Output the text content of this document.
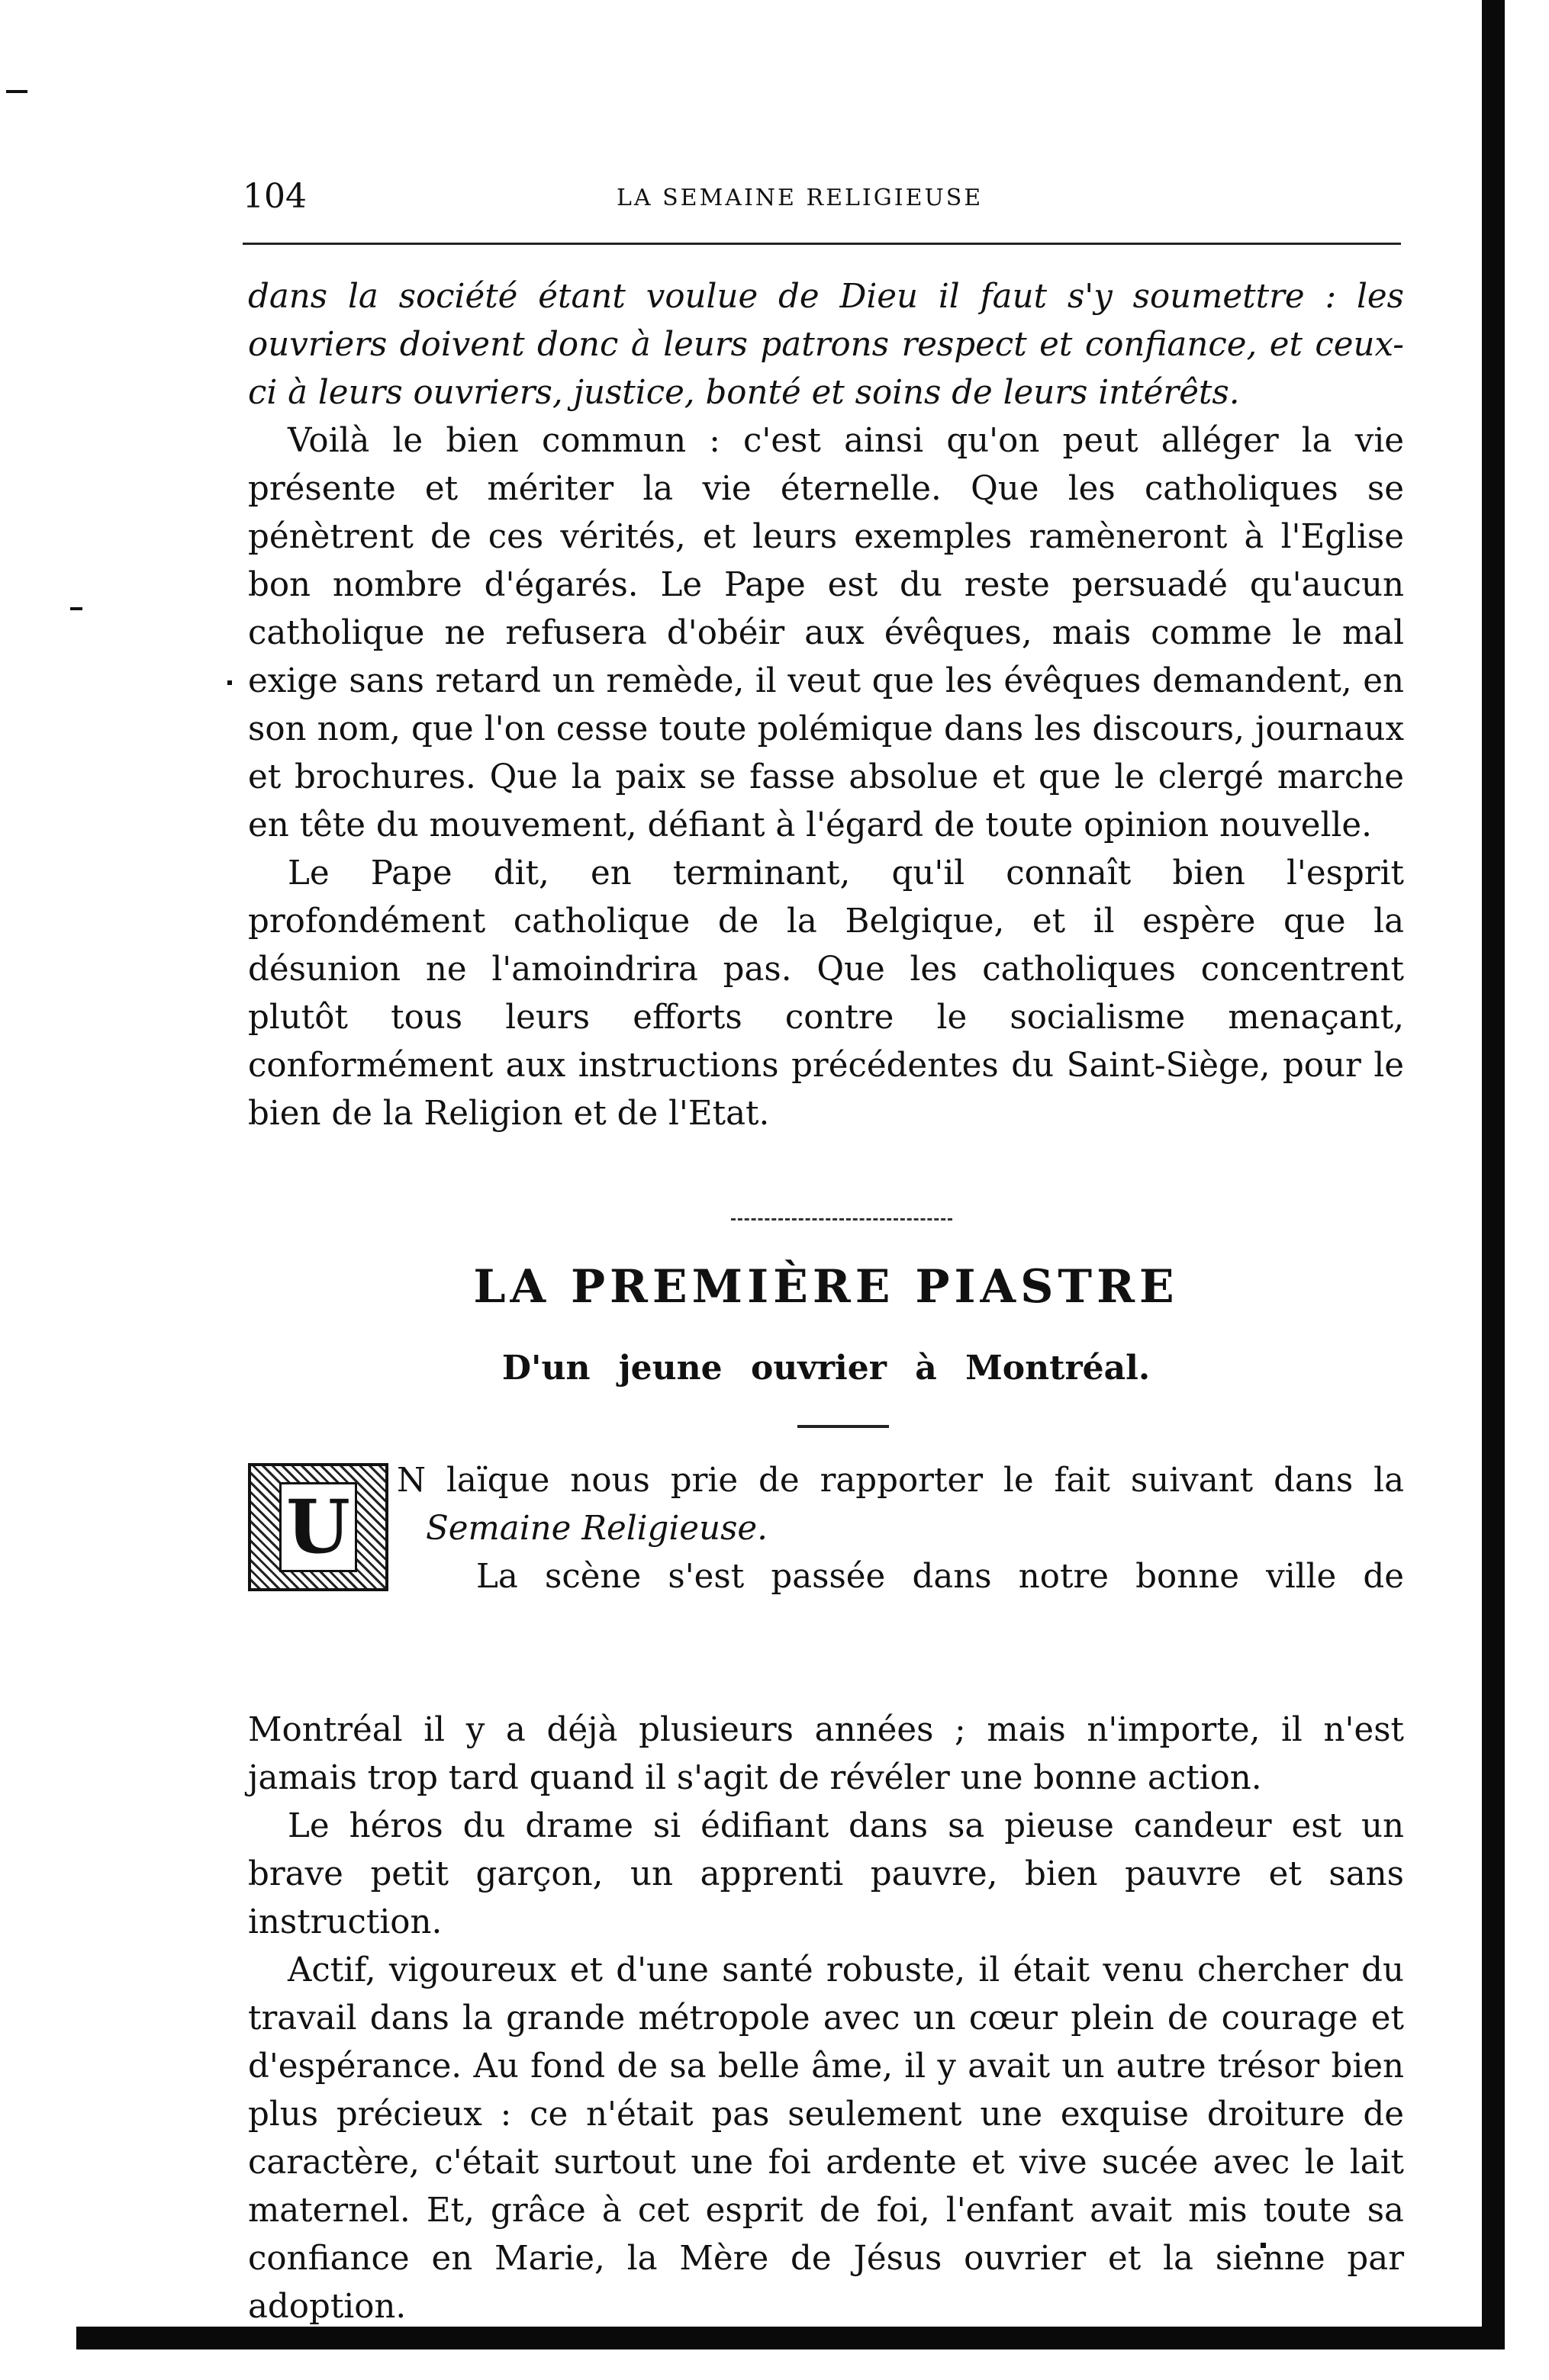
104	LA SEMAINE RELIGIEUSE

dans la société étant voulue de Dieu il faut s'y soumettre : les ouvriers doivent donc à leurs patrons respect et confiance, et ceux-ci à leurs ouvriers, justice, bonté et soins de leurs intérêts.

Voilà le bien commun : c'est ainsi qu'on peut alléger la vie présente et mériter la vie éternelle. Que les catholiques se pénètrent de ces vérités, et leurs exemples ramèneront à l'Eglise bon nombre d'égarés. Le Pape est du reste persuadé qu'aucun catholique ne refusera d'obéir aux évêques, mais comme le mal exige sans retard un remède, il veut que les évêques demandent, en son nom, que l'on cesse toute polémique dans les discours, journaux et brochures. Que la paix se fasse absolue et que le clergé marche en tête du mouvement, défiant à l'égard de toute opinion nouvelle.

Le Pape dit, en terminant, qu'il connaît bien l'esprit profondément catholique de la Belgique, et il espère que la désunion ne l'amoindrira pas. Que les catholiques concentrent plutôt tous leurs efforts contre le socialisme menaçant, conformément aux instructions précédentes du Saint-Siège, pour le bien de la Religion et de l'Etat.

LA PREMIÈRE PIASTRE
D'un jeune ouvrier à Montréal.
U
N laïque nous prie de rapporter le fait suivant dans la
Semaine Religieuse.
La scène s'est passée dans notre bonne ville de

Montréal il y a déjà plusieurs années ; mais n'importe, il n'est jamais trop tard quand il s'agit de révéler une bonne action.

Le héros du drame si édifiant dans sa pieuse candeur est un brave petit garçon, un apprenti pauvre, bien pauvre et sans instruction.

Actif, vigoureux et d'une santé robuste, il était venu chercher du travail dans la grande métropole avec un cœur plein de courage et d'espérance. Au fond de sa belle âme, il y avait un autre trésor bien plus précieux : ce n'était pas seulement une exquise droiture de caractère, c'était surtout une foi ardente et vive sucée avec le lait maternel. Et, grâce à cet esprit de foi, l'enfant avait mis toute sa confiance en Marie, la Mère de Jésus ouvrier et la sienne par adoption.
